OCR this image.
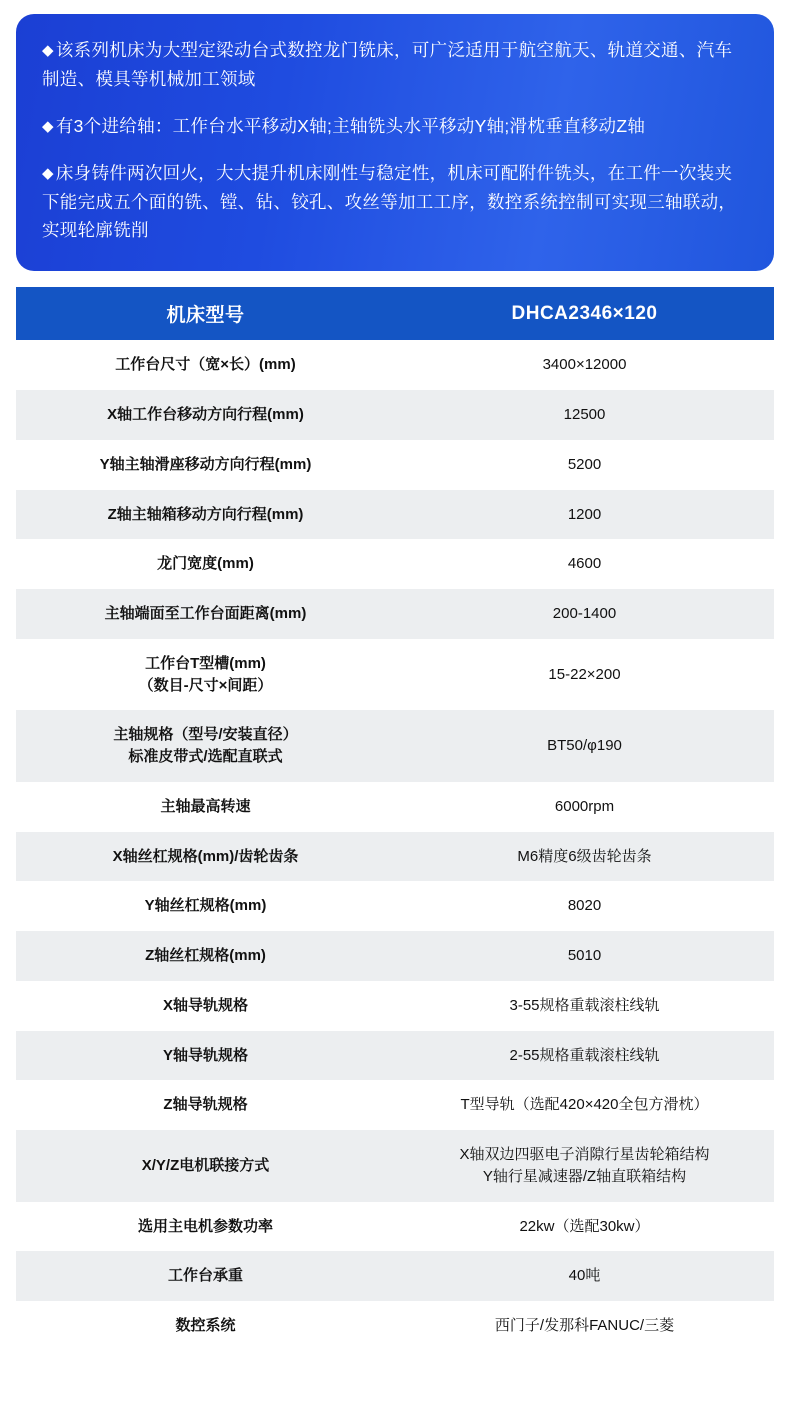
◆ 该系列机床为大型定梁动台式数控龙门铣床，可广泛适用于航空航天、轨道交通、汽车制造、模具等机械加工领域

◆ 有3个进给轴：工作台水平移动X轴;主轴铣头水平移动Y轴;滑枕垂直移动Z轴

◆ 床身铸件两次回火，大大提升机床刚性与稳定性，机床可配附件铣头，在工件一次装夹下能完成五个面的铣、镗、钻、铰孔、攻丝等加工工序，数控系统控制可实现三轴联动，实现轮廓铣削

机床型号	DHCA2346×120

工作台尺寸（宽×长）(mm)	3400×12000

X轴工作台移动方向行程(mm)	12500

Y轴主轴滑座移动方向行程(mm)	5200

Z轴主轴箱移动方向行程(mm)	1200

龙门宽度(mm)	4600

主轴端面至工作台面距离(mm)	200-1400

工作台T型槽(mm)
（数目-尺寸×间距）	15-22×200

主轴规格（型号/安装直径）
标准皮带式/选配直联式	BT50/φ190

主轴最高转速	6000rpm

X轴丝杠规格(mm)/齿轮齿条	M6精度6级齿轮齿条

Y轴丝杠规格(mm)	8020

Z轴丝杠规格(mm)	5010

X轴导轨规格	3-55规格重载滚柱线轨

Y轴导轨规格	2-55规格重载滚柱线轨

Z轴导轨规格	T型导轨（选配420×420全包方滑枕）

X/Y/Z电机联接方式	X轴双边四驱电子消隙行星齿轮箱结构
Y轴行星减速器/Z轴直联箱结构

选用主电机参数功率	22kw（选配30kw）

工作台承重	40吨

数控系统	西门子/发那科FANUC/三菱
